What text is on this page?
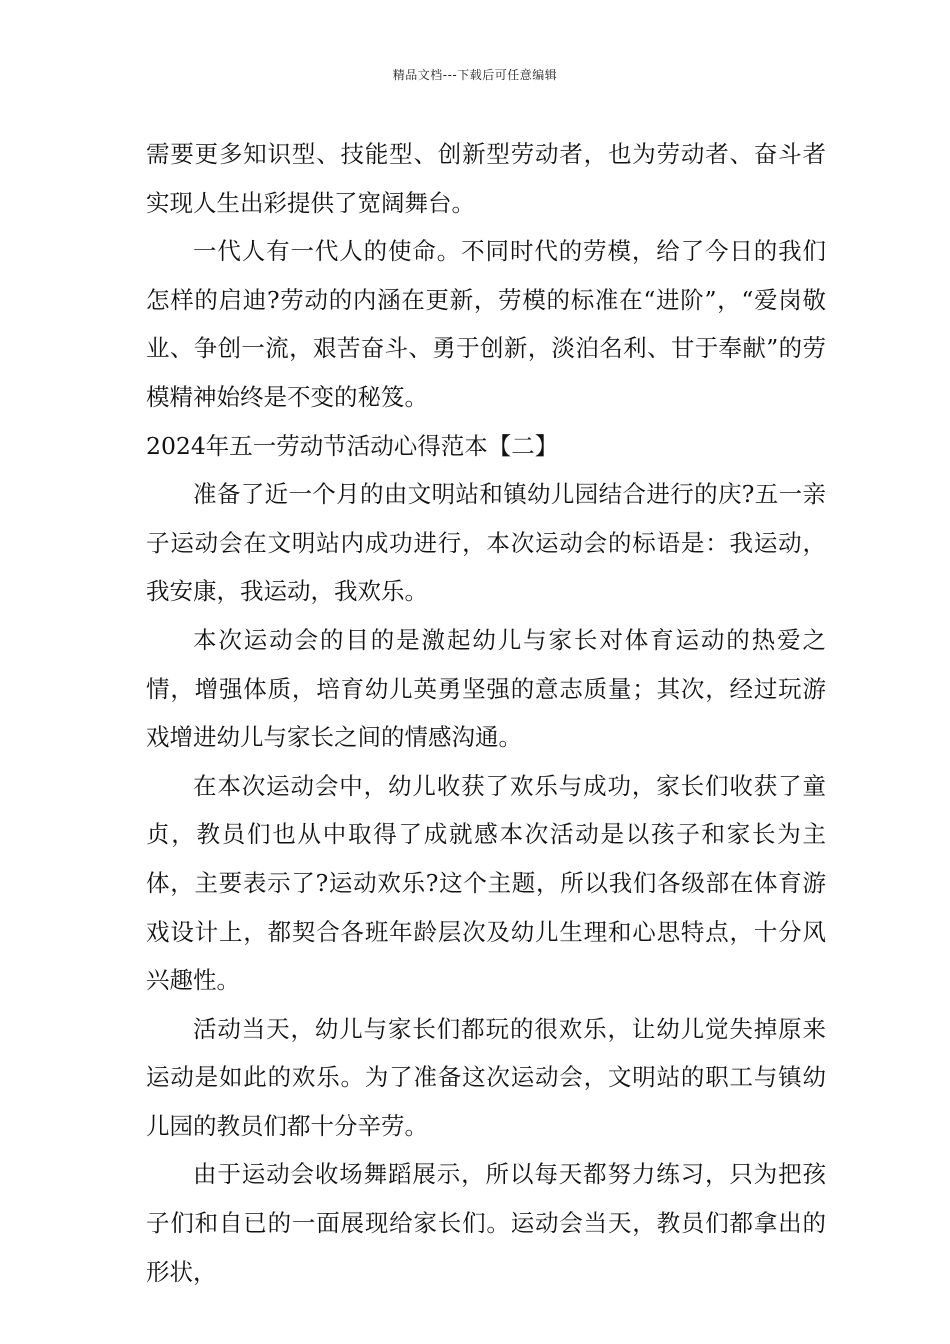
精品文档---下载后可任意编辑

需要更多知识型、技能型、创新型劳动者，也为劳动者、奋斗者实现人生出彩提供了宽阔舞台。

一代人有一代人的使命。不同时代的劳模，给了今日的我们怎样的启迪?劳动的内涵在更新，劳模的标准在“进阶”，“爱岗敬业、争创一流，艰苦奋斗、勇于创新，淡泊名利、甘于奉献”的劳模精神始终是不变的秘笈。

2024年五一劳动节活动心得范本【二】

准备了近一个月的由文明站和镇幼儿园结合进行的庆?五一亲子运动会在文明站内成功进行，本次运动会的标语是：我运动，我安康，我运动，我欢乐。

本次运动会的目的是激起幼儿与家长对体育运动的热爱之情，增强体质，培育幼儿英勇坚强的意志质量；其次，经过玩游戏增进幼儿与家长之间的情感沟通。

在本次运动会中，幼儿收获了欢乐与成功，家长们收获了童贞，教员们也从中取得了成就感本次活动是以孩子和家长为主体，主要表示了?运动欢乐?这个主题，所以我们各级部在体育游戏设计上，都契合各班年龄层次及幼儿生理和心思特点，十分风兴趣性。

活动当天，幼儿与家长们都玩的很欢乐，让幼儿觉失掉原来运动是如此的欢乐。为了准备这次运动会，文明站的职工与镇幼儿园的教员们都十分辛劳。

由于运动会收场舞蹈展示，所以每天都努力练习，只为把孩子们和自已的一面展现给家长们。运动会当天，教员们都拿出的形状，
